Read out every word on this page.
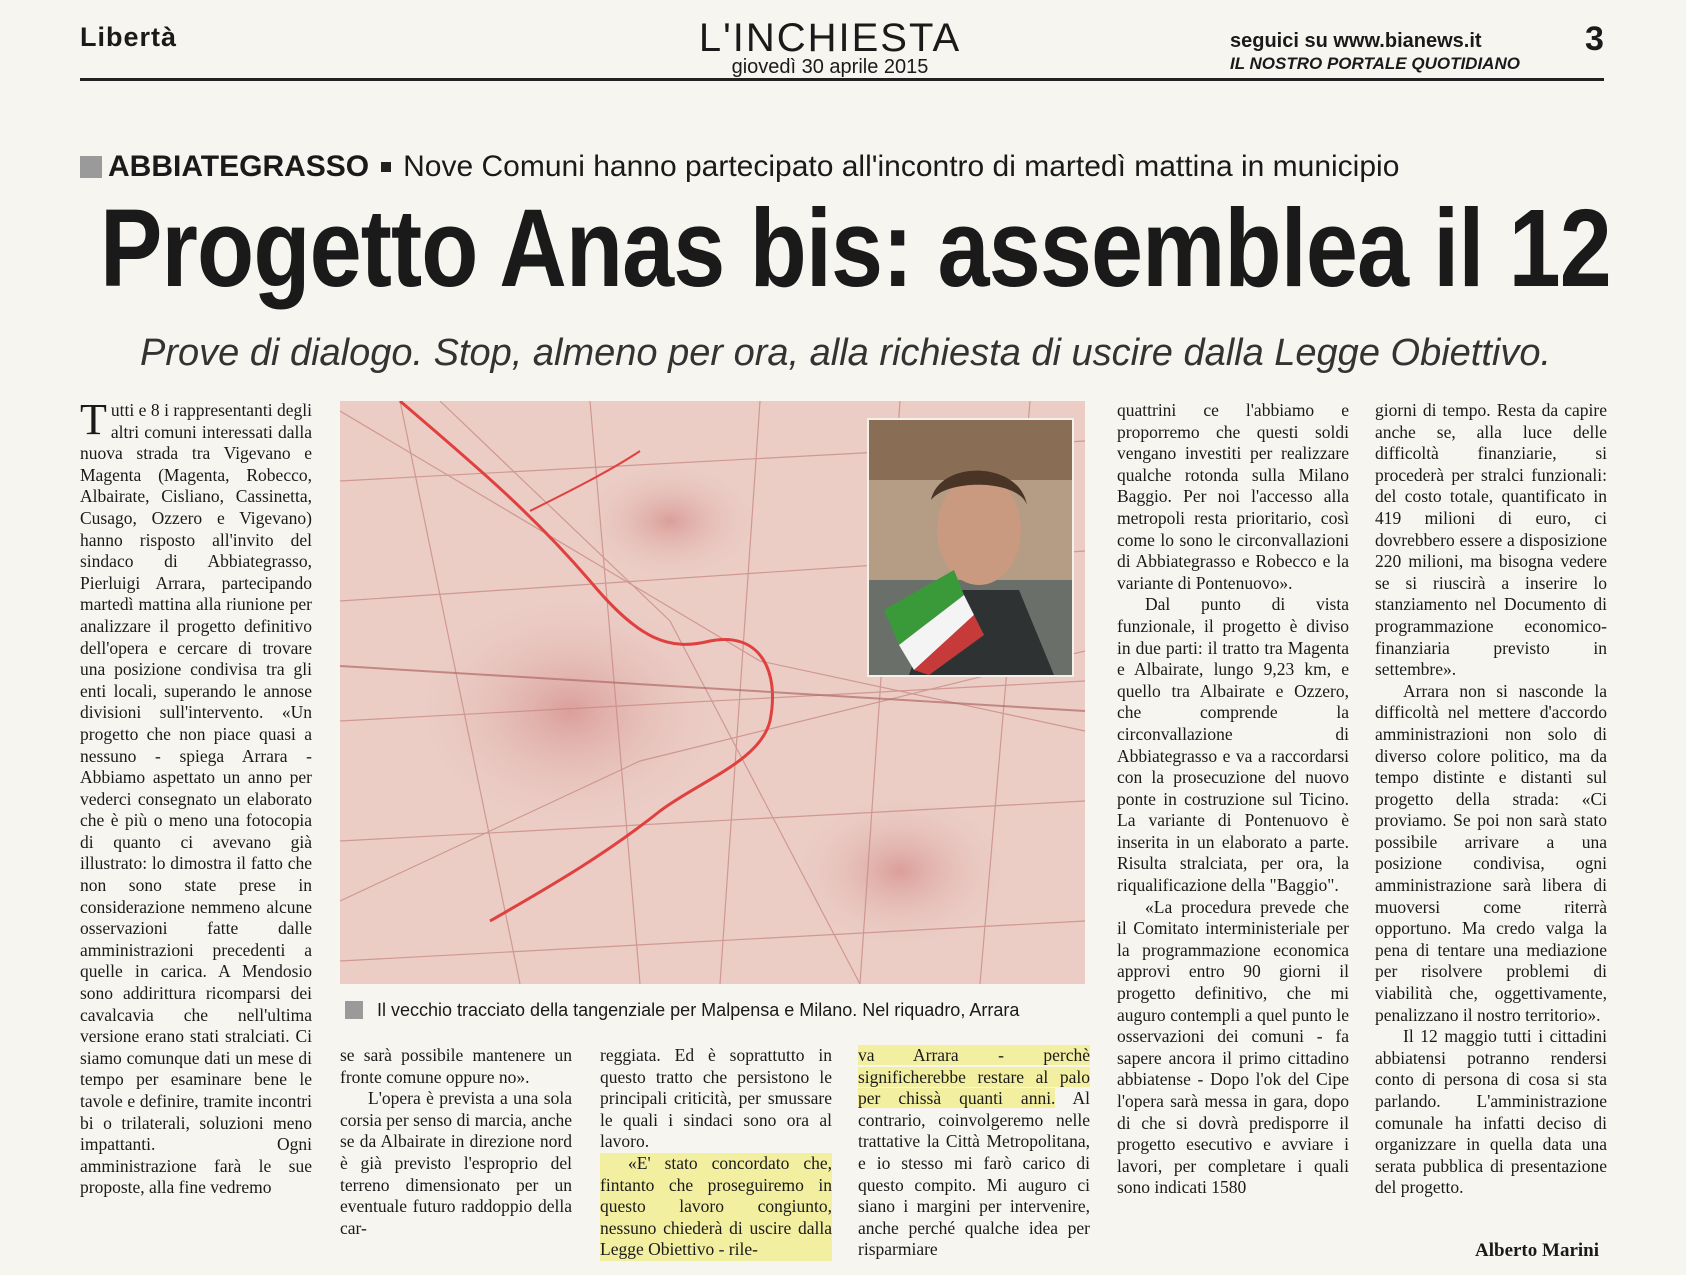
Libertà	L'INCHIESTA
giovedì 30 aprile 2015
seguici su www.bianews.it
IL NOSTRO PORTALE QUOTIDIANO
3
ABBIATEGRASSO Nove Comuni hanno partecipato all'incontro di martedì mattina in municipio
Progetto Anas bis: assemblea il 12
Prove di dialogo. Stop, almeno per ora, alla richiesta di uscire dalla Legge Obiettivo.

Tutti e 8 i rappresentanti degli altri comuni interessati dalla nuova strada tra Vigevano e Magenta (Magenta, Robecco, Albairate, Cisliano, Cassinetta, Cusago, Ozzero e Vigevano) hanno risposto all'invito del sindaco di Abbiategrasso, Pierluigi Arrara, partecipando martedì mattina alla riunione per analizzare il progetto definitivo dell'opera e cercare di trovare una posizione condivisa tra gli enti locali, superando le annose divisioni sull'intervento. «Un progetto che non piace quasi a nessuno - spiega Arrara - Abbiamo aspettato un anno per vederci consegnato un elaborato che è più o meno una fotocopia di quanto ci avevano già illustrato: lo dimostra il fatto che non sono state prese in considerazione nemmeno alcune osservazioni fatte dalle amministrazioni precedenti a quelle in carica. A Mendosio sono addirittura ricomparsi dei cavalcavia che nell'ultima versione erano stati stralciati. Ci siamo comunque dati un mese di tempo per esaminare bene le tavole e definire, tramite incontri bi o trilaterali, soluzioni meno impattanti. Ogni amministrazione farà le sue proposte, alla fine vedremo

Il vecchio tracciato della tangenziale per Malpensa e Milano. Nel riquadro, Arrara

se sarà possibile mantenere un fronte comune oppure no».

L'opera è prevista a una sola corsia per senso di marcia, anche se da Albairate in direzione nord è già previsto l'esproprio del terreno dimensionato per un eventuale futuro raddoppio della car-

reggiata. Ed è soprattutto in questo tratto che persistono le principali criticità, per smussare le quali i sindaci sono ora al lavoro.

«E' stato concordato che, fintanto che proseguiremo in questo lavoro congiunto, nessuno chiederà di uscire dalla Legge Obiettivo - rile-

va Arrara - perchè significherebbe restare al palo per chissà quanti anni. Al contrario, coinvolgeremo nelle trattative la Città Metropolitana, e io stesso mi farò carico di questo compito. Mi auguro ci siano i margini per intervenire, anche perché qualche idea per risparmiare

quattrini ce l'abbiamo e proporremo che questi soldi vengano investiti per realizzare qualche rotonda sulla Milano Baggio. Per noi l'accesso alla metropoli resta prioritario, così come lo sono le circonvallazioni di Abbiategrasso e Robecco e la variante di Pontenuovo».

Dal punto di vista funzionale, il progetto è diviso in due parti: il tratto tra Magenta e Albairate, lungo 9,23 km, e quello tra Albairate e Ozzero, che comprende la circonvallazione di Abbiategrasso e va a raccordarsi con la prosecuzione del nuovo ponte in costruzione sul Ticino. La variante di Pontenuovo è inserita in un elaborato a parte. Risulta stralciata, per ora, la riqualificazione della "Baggio".

«La procedura prevede che il Comitato interministeriale per la programmazione economica approvi entro 90 giorni il progetto definitivo, che mi auguro contempli a quel punto le osservazioni dei comuni - fa sapere ancora il primo cittadino abbiatense - Dopo l'ok del Cipe l'opera sarà messa in gara, dopo di che si dovrà predisporre il progetto esecutivo e avviare i lavori, per completare i quali sono indicati 1580

giorni di tempo. Resta da capire anche se, alla luce delle difficoltà finanziarie, si procederà per stralci funzionali: del costo totale, quantificato in 419 milioni di euro, ci dovrebbero essere a disposizione 220 milioni, ma bisogna vedere se si riuscirà a inserire lo stanziamento nel Documento di programmazione economico-finanziaria previsto in settembre».

Arrara non si nasconde la difficoltà nel mettere d'accordo amministrazioni non solo di diverso colore politico, ma da tempo distinte e distanti sul progetto della strada: «Ci proviamo. Se poi non sarà stato possibile arrivare a una posizione condivisa, ogni amministrazione sarà libera di muoversi come riterrà opportuno. Ma credo valga la pena di tentare una mediazione per risolvere problemi di viabilità che, oggettivamente, penalizzano il nostro territorio».

Il 12 maggio tutti i cittadini abbiatensi potranno rendersi conto di persona di cosa si sta parlando. L'amministrazione comunale ha infatti deciso di organizzare in quella data una serata pubblica di presentazione del progetto.

Alberto Marini
